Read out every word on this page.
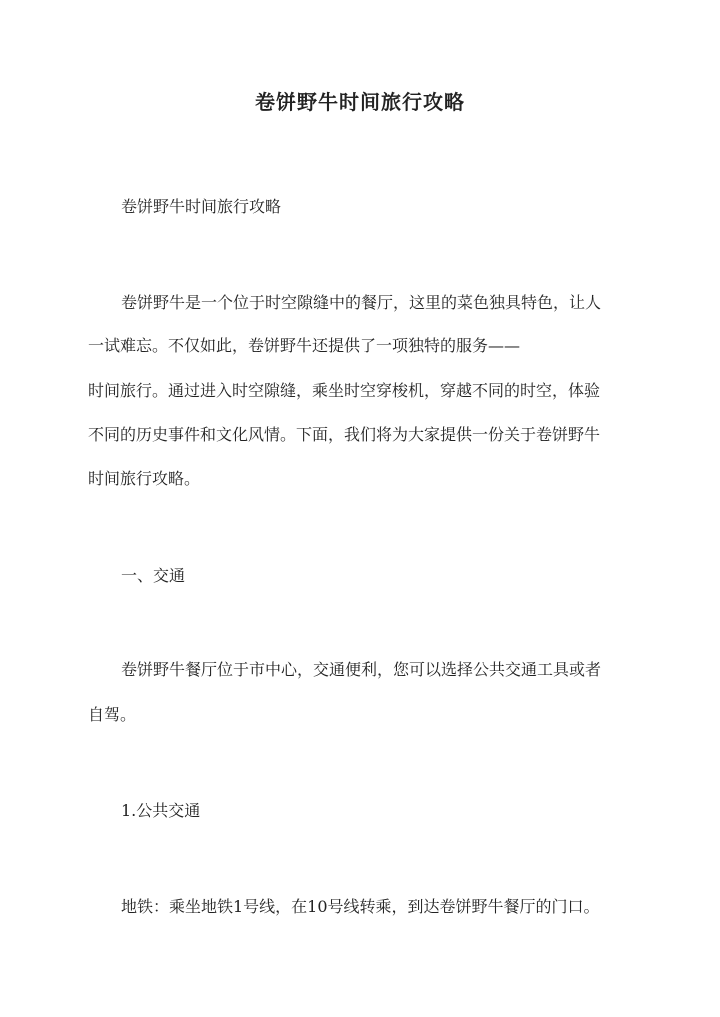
卷饼野牛时间旅行攻略

卷饼野牛时间旅行攻略

卷饼野牛是一个位于时空隙缝中的餐厅，这里的菜色独具特色，让人

一试难忘。不仅如此，卷饼野牛还提供了一项独特的服务——

时间旅行。通过进入时空隙缝，乘坐时空穿梭机，穿越不同的时空，体验

不同的历史事件和文化风情。下面，我们将为大家提供一份关于卷饼野牛

时间旅行攻略。

一、交通

卷饼野牛餐厅位于市中心，交通便利，您可以选择公共交通工具或者

自驾。

1.公共交通

地铁：乘坐地铁1号线，在10号线转乘，到达卷饼野牛餐厅的门口。
